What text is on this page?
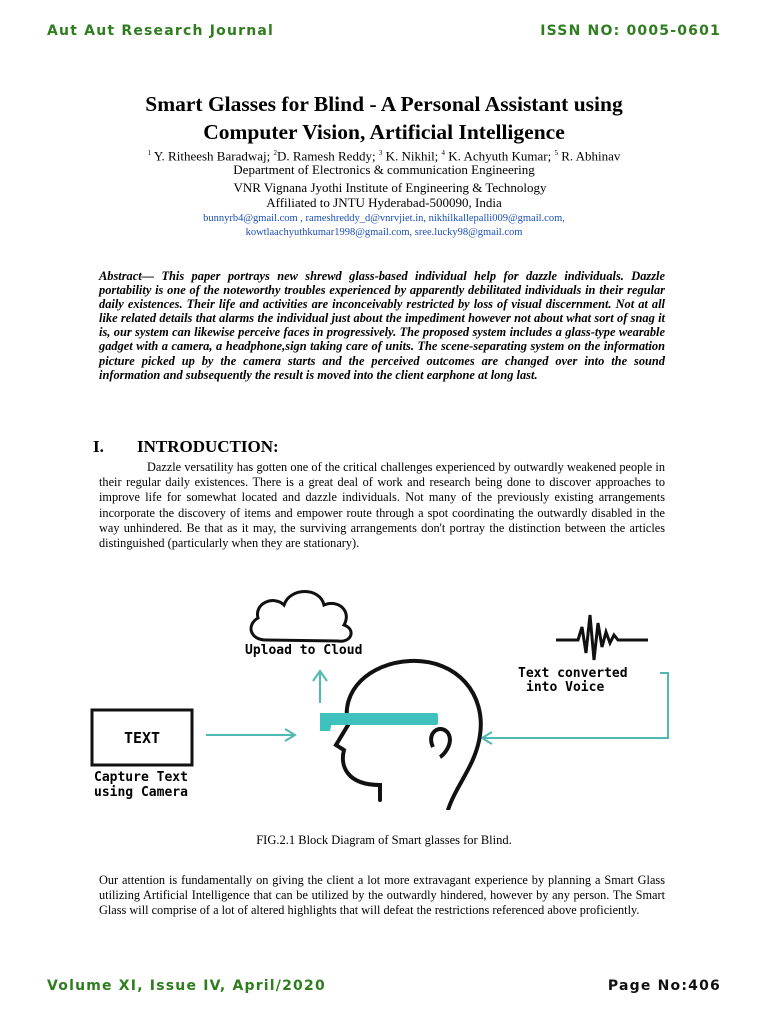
Aut Aut Research Journal	ISSN NO: 0005-0601
Smart Glasses for Blind - A Personal Assistant using
Computer Vision, Artificial Intelligence
$^1$ Y. Ritheesh Baradwaj; $^2$D. Ramesh Reddy; $^3$ K. Nikhil; $^4$ K. Achyuth Kumar; $^5$ R. Abhinav
Department of Electronics & communication Engineering
VNR Vignana Jyothi Institute of Engineering & Technology
Affiliated to JNTU Hyderabad-500090, India
bunnyrb4@gmail.com , rameshreddy_d@vnrvjiet.in, nikhilkallepalli009@gmail.com,
kowtlaachyuthkumar1998@gmail.com, sree.lucky98@gmail.com
Abstract— This paper portrays new shrewd glass-based individual help for dazzle individuals. Dazzle portability is one of the noteworthy troubles experienced by apparently debilitated individuals in their regular daily existences. Their life and activities are inconceivably restricted by loss of visual discernment. Not at all like related details that alarms the individual just about the impediment however not about what sort of snag it is, our system can likewise perceive faces in progressively. The proposed system includes a glass-type wearable gadget with a camera, a headphone,sign taking care of units. The scene-separating system on the information picture picked up by the camera starts and the perceived outcomes are changed over into the sound information and subsequently the result is moved into the client earphone at long last.
I. INTRODUCTION:
Dazzle versatility has gotten one of the critical challenges experienced by outwardly weakened people in their regular daily existences. There is a great deal of work and research being done to discover approaches to improve life for somewhat located and dazzle individuals. Not many of the previously existing arrangements incorporate the discovery of items and empower route through a spot coordinating the outwardly disabled in the way unhindered. Be that as it may, the surviving arrangements don't portray the distinction between the articles distinguished (particularly when they are stationary).
Upload to Cloud
Text converted
into Voice
TEXT
Capture Text
using Camera
FIG.2.1 Block Diagram of Smart glasses for Blind.
Our attention is fundamentally on giving the client a lot more extravagant experience by planning a Smart Glass utilizing Artificial Intelligence that can be utilized by the outwardly hindered, however by any person. The Smart Glass will comprise of a lot of altered highlights that will defeat the restrictions referenced above proficiently.
Volume XI, Issue IV, April/2020	Page No:406
